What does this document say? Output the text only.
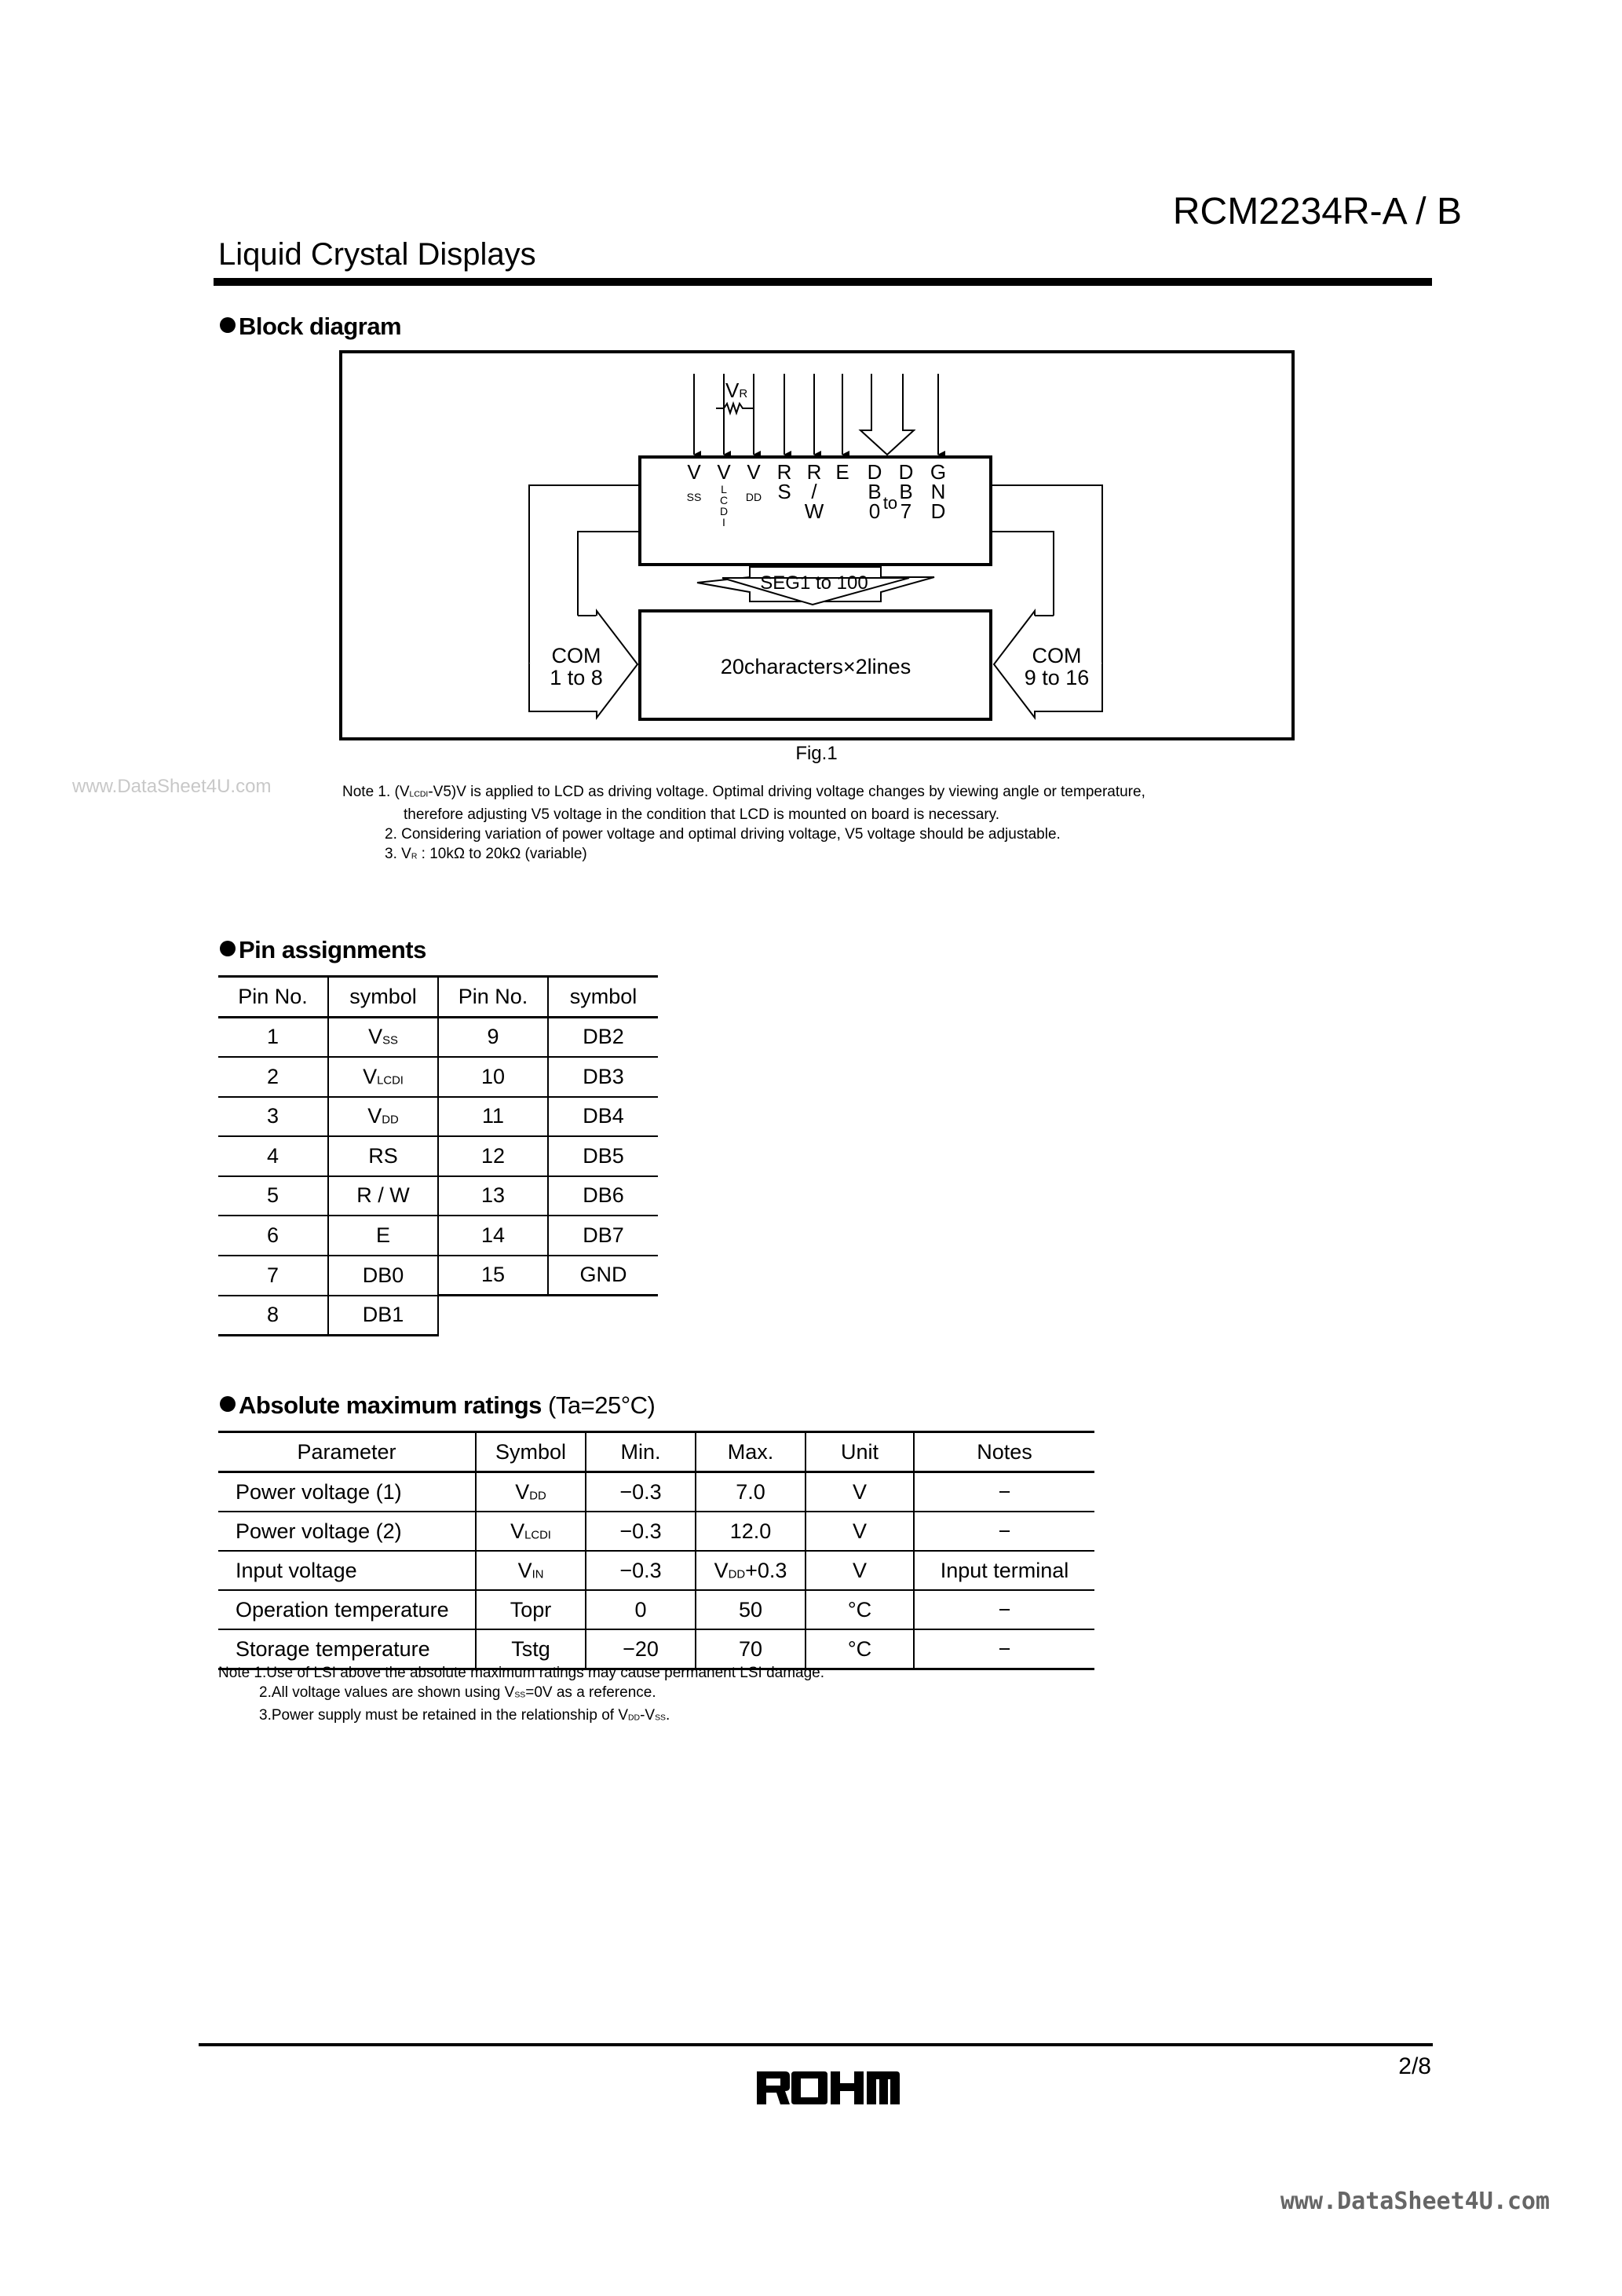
RCM2234R-A / B
Liquid Crystal Displays
Block diagram
VR
V
SS
V
L
C
D
I
V
DD
R
S
R
/
W
E D
B
0 to
D
B
7
G
N
D
SEG1 to 100
20characters×2lines
COM
1 to 8
COM
9 to 16
Fig.1
www.DataSheet4U.com	Note 1. $(V_{LCDI}-V5)V$ is applied to LCD as driving voltage. Optimal driving voltage changes by viewing angle or temperature,
therefore adjusting V5 voltage in the condition that LCD is mounted on board is necessary.
2. Considering variation of power voltage and optimal driving voltage, V5 voltage should be adjustable.
3. $V_R$ : 10kΩ to 20kΩ (variable)
Pin assignments
Pin No.	symbol	Pin No.	symbol
1	$V_{SS}$	9	DB2
2	$V_{LCDI}$	10	DB3
3	$V_{DD}$	11	DB4
4	RS	12	DB5
5	R / W	13	DB6
6	E	14	DB7
7	DB0	15	GND
8	DB1		
Absolute maximum ratings (Ta=25°C)
Parameter	Symbol	Min.	Max.	Unit	Notes
Power voltage (1)	$V_{DD}$	−0.3	7.0	V	−
Power voltage (2)	$V_{LCDI}$	−0.3	12.0	V	−
Input voltage	$V_{IN}$	−0.3	$V_{DD}+0.3$	V	Input terminal
Operation temperature	Topr	0	50	°C	−
Storage temperature	Tstg	−20	70	°C	−
Note 1.Use of LSI above the absolute maximum ratings may cause permanent LSI damage.
2.All voltage values are shown using $V_{SS}=0V$ as a reference.
3.Power supply must be retained in the relationship of $V_{DD}-V_{SS}$.
2/8
ROHM
www.DataSheet4U.com
